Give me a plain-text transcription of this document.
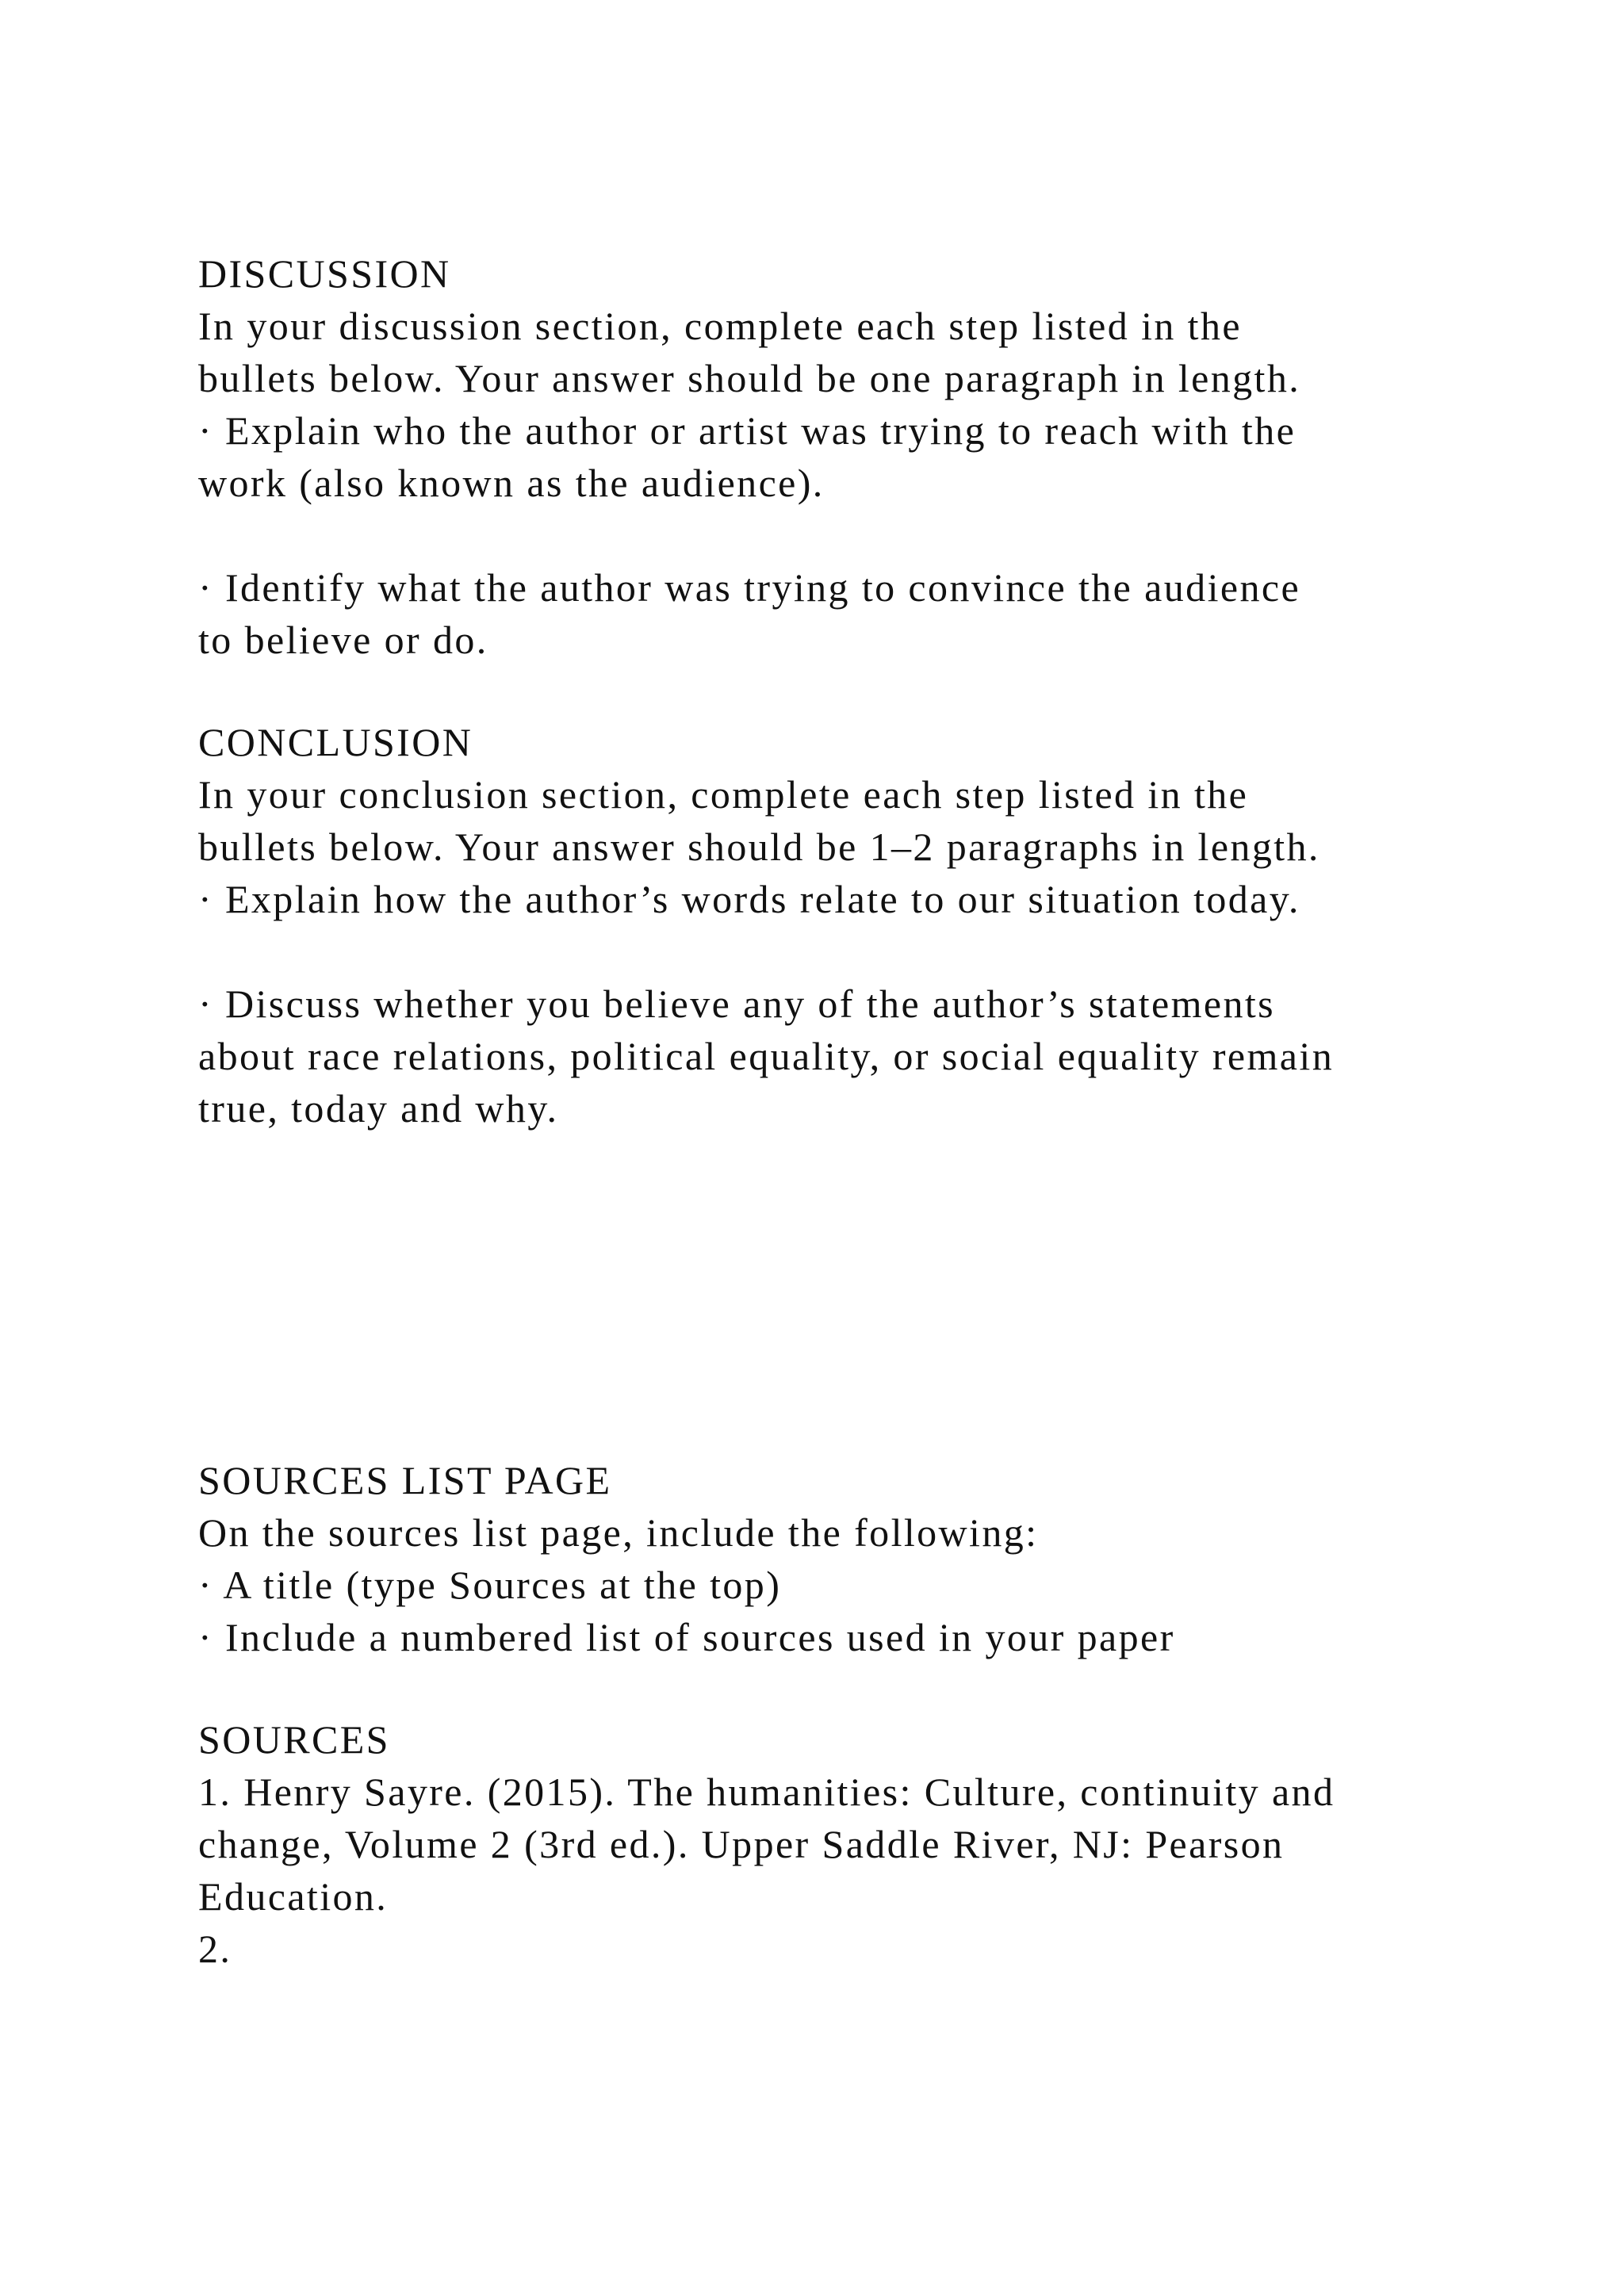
DISCUSSION
In your discussion section, complete each step listed in the
bullets below. Your answer should be one paragraph in length.
· Explain who the author or artist was trying to reach with the
work (also known as the audience).
· Identify what the author was trying to convince the audience
to believe or do.
CONCLUSION
In your conclusion section, complete each step listed in the
bullets below. Your answer should be 1–2 paragraphs in length.
· Explain how the author’s words relate to our situation today.
· Discuss whether you believe any of the author’s statements
about race relations, political equality, or social equality remain
true, today and why.
SOURCES LIST PAGE
On the sources list page, include the following:
· A title (type Sources at the top)
· Include a numbered list of sources used in your paper
SOURCES
1. Henry Sayre. (2015). The humanities: Culture, continuity and
change, Volume 2 (3rd ed.). Upper Saddle River, NJ: Pearson
Education.
2.
